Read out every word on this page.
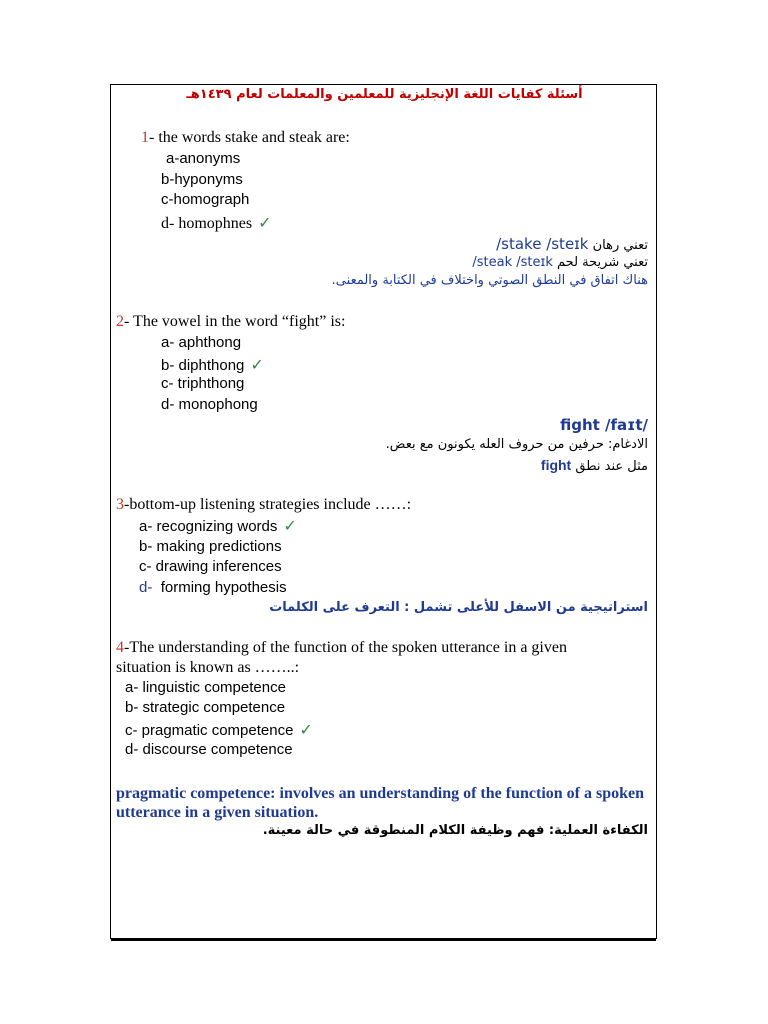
أسئلة كفايات اللغة الإنجليزية للمعلمين والمعلمات لعام ١٤٣٩هـ
1- the words stake and steak are:
a-anonyms
b-hyponyms
c-homograph
d- homophnes ✓
تعني رهان stake /steɪk/
تعني شريحة لحم steak /steɪk/
هناك اتفاق في النطق الصوتي واختلاف في الكتابة والمعنى.
2- The vowel in the word “fight” is:
a- aphthong
b- diphthong ✓
c- triphthong
d- monophong
fight /faɪt/
الادغام: حرفين من حروف العله يكونون مع بعض.
مثل عند نطق fight
3-bottom-up listening strategies include ……:
a- recognizing words ✓
b- making predictions
c- drawing inferences
d- forming hypothesis
استراتيجية من الاسفل للأعلى تشمل : التعرف على الكلمات
4-The understanding of the function of the spoken utterance in a given
situation is known as ……..:
a- linguistic competence
b- strategic competence
c- pragmatic competence ✓
d- discourse competence
pragmatic competence: involves an understanding of the function of a spoken utterance in a given situation.
الكفاءة العملية: فهم وظيفة الكلام المنطوقة في حالة معينة.
